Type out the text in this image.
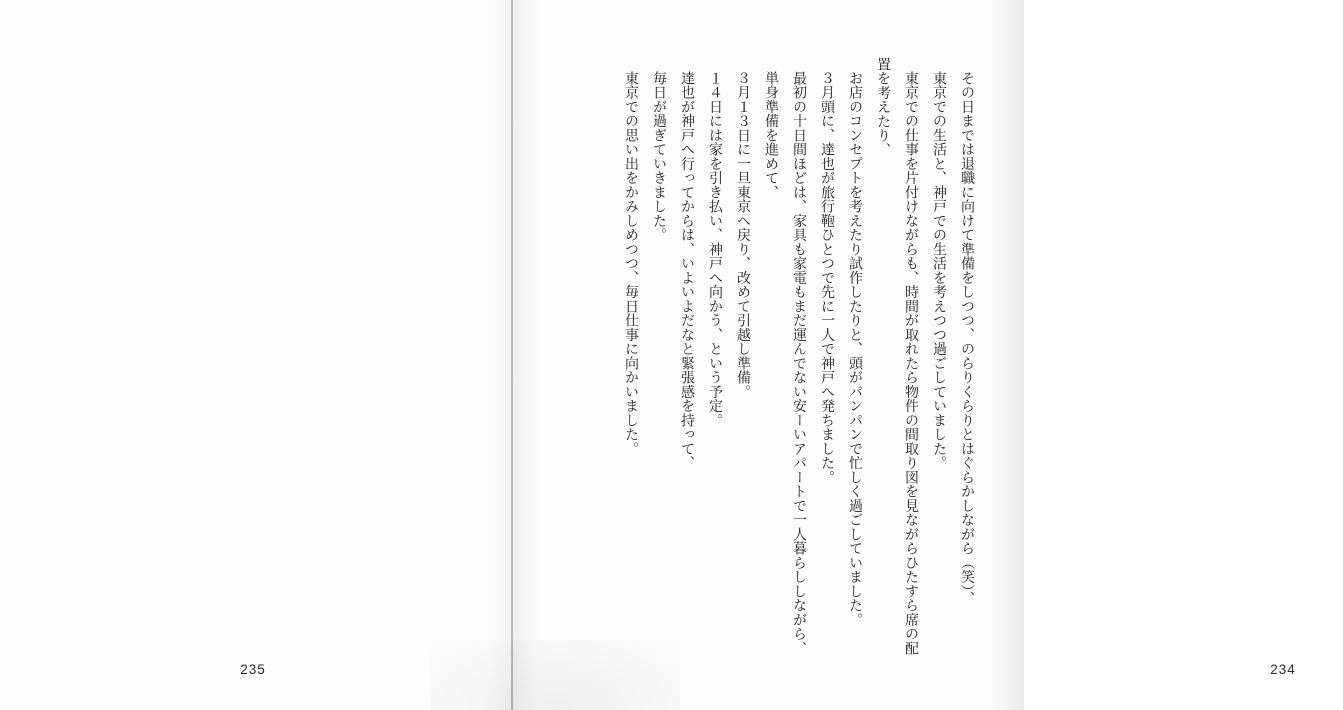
235

その日までは退職に向けて準備をしつつ、のらりくらりとはぐらかしながら（笑）、

東京での生活と、神戸での生活を考えつつ過ごしていました。

東京での仕事を片付けながらも、時間が取れたら物件の間取り図を見ながらひたすら席の配置を考えたり、

お店のコンセプトを考えたり試作したりと、頭がパンパンで忙しく過ごしていました。

３月頭に、達也が旅行鞄ひとつで先に一人で神戸へ発ちました。

最初の十日間ほどは、家具も家電もまだ運んでない安ーいアパートで一人暮らししながら、

単身準備を進めて、

３月１３日に一旦東京へ戻り、改めて引越し準備。

１４日には家を引き払い、神戸へ向かう、という予定。

達也が神戸へ行ってからは、いよいよだなと緊張感を持って、

毎日が過ぎていきました。

東京での思い出をかみしめつつ、毎日仕事に向かいました。

234
